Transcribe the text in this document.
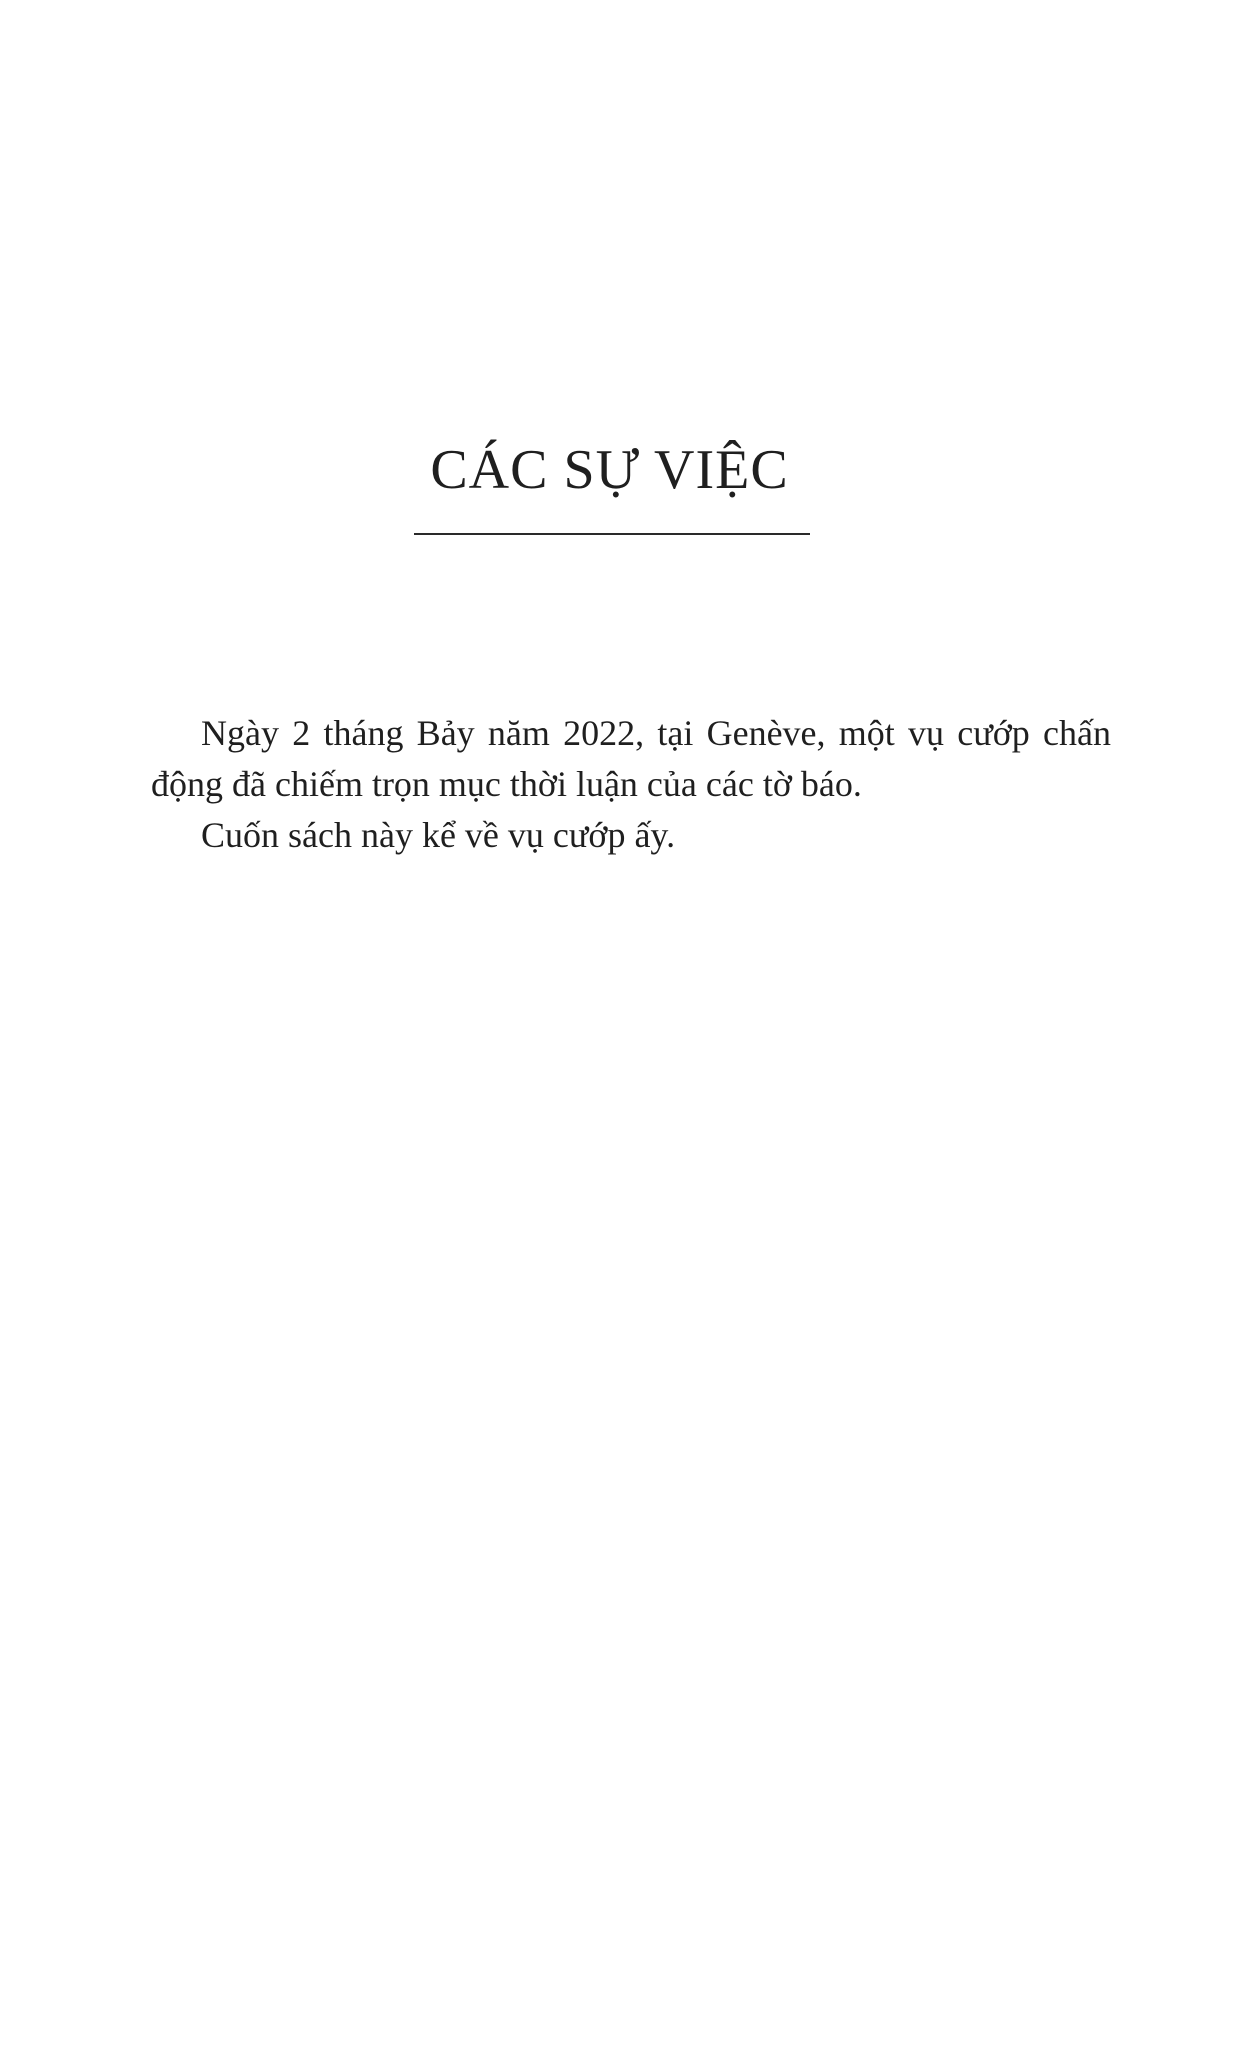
CÁC SỰ VIỆC

Ngày 2 tháng Bảy năm 2022, tại Genève, một vụ cướp chấn động đã chiếm trọn mục thời luận của các tờ báo.

Cuốn sách này kể về vụ cướp ấy.
